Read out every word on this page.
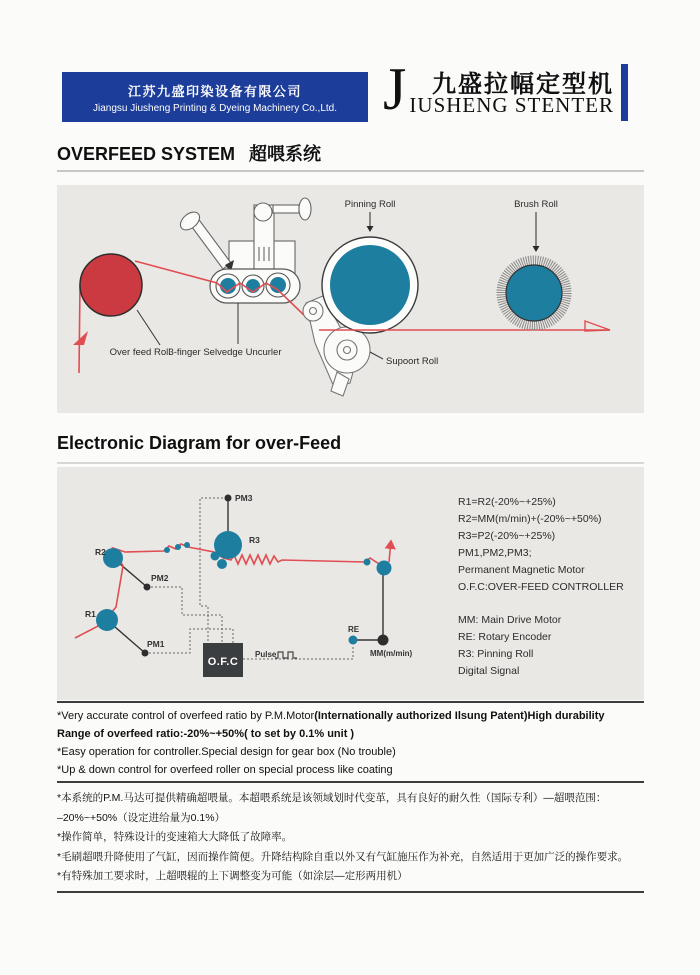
江苏九盛印染设备有限公司
Jiangsu Jiusheng Printing & Dyeing Machinery Co.,Ltd. J 九盛拉幅定型机
IUSHENG STENTER
OVERFEED SYSTEM 超喂系统
Over feed Roll
3-finger Selvedge Uncurler
Supoort Roll
Pinning Roll	Brush Roll
Electronic Diagram for over-Feed
O.F.C
PM3
R3
R2
R1
PM2
PM1
Pulse
RE
MM(m/min)
R1=R2(-20%~+25%)
R2=MM(m/min)+(-20%~+50%)
R3=P2(-20%~+25%)
PM1,PM2,PM3;
Permanent Magnetic Motor
O.F.C:OVER-FEED CONTROLLER
MM: Main Drive Motor
RE: Rotary Encoder
R3: Pinning Roll
Digital Signal
*Very accurate control of overfeed ratio by P.M.Motor(Internationally authorized Ilsung Patent)High durability
Range of overfeed ratio:-20%~+50%( to set by 0.1% unit )
*Easy operation for controller.Special design for gear box (No trouble)
*Up & down control for overfeed roller on special process like coating
*本系统的P.M.马达可提供精确超喂量。本超喂系统是该领域划时代变革，具有良好的耐久性（国际专利）—超喂范围：
–20%~+50%（设定进给量为0.1%）
*操作简单，特殊设计的变速箱大大降低了故障率。
*毛刷超喂升降使用了气缸，因而操作简便。升降结构除自重以外又有气缸施压作为补充，自然适用于更加广泛的操作要求。
*有特殊加工要求时，上超喂辊的上下调整变为可能（如涂层—定形两用机）
